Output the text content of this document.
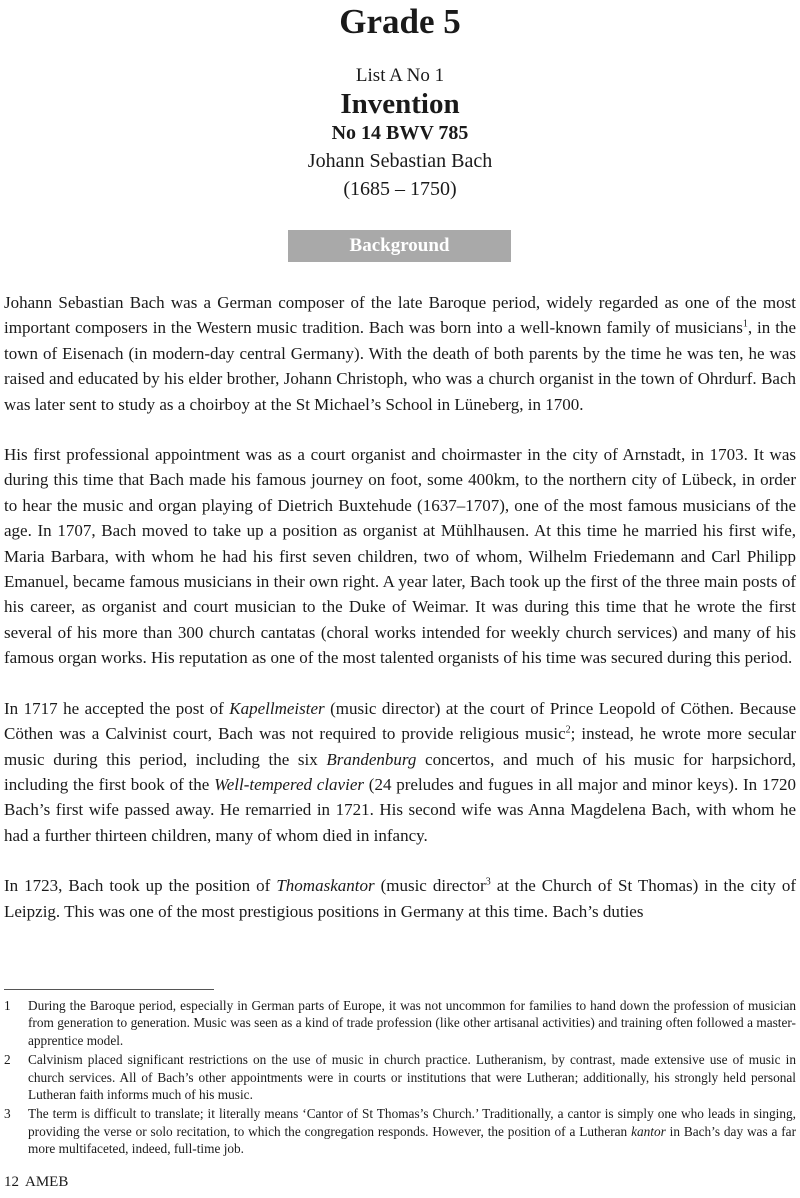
Grade 5
List A No 1
Invention
No 14 BWV 785
Johann Sebastian Bach
(1685 – 1750)
Background

Johann Sebastian Bach was a German composer of the late Baroque period, widely regarded as one of the most important composers in the Western music tradition. Bach was born into a well-known family of musicians$^1$, in the town of Eisenach (in modern-day central Germany). With the death of both parents by the time he was ten, he was raised and educated by his elder brother, Johann Christoph, who was a church organist in the town of Ohrdurf. Bach was later sent to study as a choirboy at the St Michael’s School in Lüneberg, in 1700.

His first professional appointment was as a court organist and choirmaster in the city of Arnstadt, in 1703. It was during this time that Bach made his famous journey on foot, some 400km, to the northern city of Lübeck, in order to hear the music and organ playing of Dietrich Buxtehude (1637–1707), one of the most famous musicians of the age. In 1707, Bach moved to take up a position as organist at Mühlhausen. At this time he married his first wife, Maria Barbara, with whom he had his first seven children, two of whom, Wilhelm Friedemann and Carl Philipp Emanuel, became famous musicians in their own right. A year later, Bach took up the first of the three main posts of his career, as organist and court musician to the Duke of Weimar. It was during this time that he wrote the first several of his more than 300 church cantatas (choral works intended for weekly church services) and many of his famous organ works. His reputation as one of the most talented organists of his time was secured during this period.

In 1717 he accepted the post of Kapellmeister (music director) at the court of Prince Leopold of Cöthen. Because Cöthen was a Calvinist court, Bach was not required to provide religious music$^2$; instead, he wrote more secular music during this period, including the six Brandenburg concertos, and much of his music for harpsichord, including the first book of the Well-tempered clavier (24 preludes and fugues in all major and minor keys). In 1720 Bach’s first wife passed away. He remarried in 1721. His second wife was Anna Magdelena Bach, with whom he had a further thirteen children, many of whom died in infancy.

In 1723, Bach took up the position of Thomaskantor (music director$^3$ at the Church of St Thomas) in the city of Leipzig. This was one of the most prestigious positions in Germany at this time. Bach’s duties

1	During the Baroque period, especially in German parts of Europe, it was not uncommon for families to hand down the profession of musician from generation to generation. Music was seen as a kind of trade profession (like other artisanal activities) and training often followed a master-apprentice model.
2	Calvinism placed significant restrictions on the use of music in church practice. Lutheranism, by contrast, made extensive use of music in church services. All of Bach’s other appointments were in courts or institutions that were Lutheran; additionally, his strongly held personal Lutheran faith informs much of his music.
3	The term is difficult to translate; it literally means ‘Cantor of St Thomas’s Church.’ Traditionally, a cantor is simply one who leads in singing, providing the verse or solo recitation, to which the congregation responds. However, the position of a Lutheran kantor in Bach’s day was a far more multifaceted, indeed, full-time job.
12 AMEB
